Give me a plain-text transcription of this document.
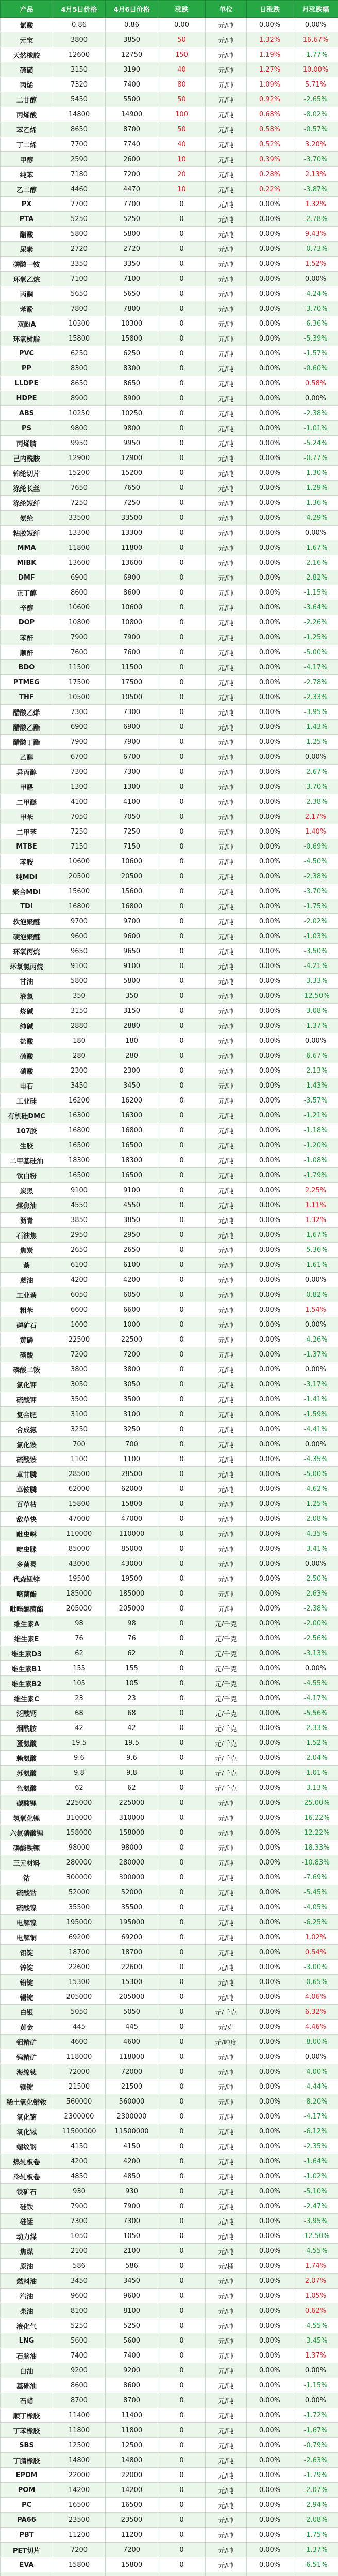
产品	4月5日价格	4月6日价格	涨跌	单位	日涨跌	月涨跌幅
氯酸	0.86	0.86	0.00	元/吨	0.00%	0.00%
元宝	3800	3850	50	元/吨	1.32%	16.67%
天然橡胶	12600	12750	150	元/吨	1.19%	-1.77%
硫磺	3150	3190	40	元/吨	1.27%	10.00%
丙烯	7320	7400	80	元/吨	1.09%	5.71%
二甘醇	5450	5500	50	元/吨	0.92%	-2.65%
丙烯酸	14800	14900	100	元/吨	0.68%	-8.02%
苯乙烯	8650	8700	50	元/吨	0.58%	-0.57%
丁二烯	7700	7740	40	元/吨	0.52%	3.20%
甲醇	2590	2600	10	元/吨	0.39%	-3.70%
纯苯	7180	7200	20	元/吨	0.28%	2.13%
乙二醇	4460	4470	10	元/吨	0.22%	-3.87%
PX	7700	7700	0	元/吨	0.00%	1.32%
PTA	5250	5250	0	元/吨	0.00%	-2.78%
醋酸	5800	5800	0	元/吨	0.00%	9.43%
尿素	2720	2720	0	元/吨	0.00%	-0.73%
磷酸一铵	3350	3350	0	元/吨	0.00%	1.52%
环氧乙烷	7100	7100	0	元/吨	0.00%	0.00%
丙酮	5650	5650	0	元/吨	0.00%	-4.24%
苯酚	7800	7800	0	元/吨	0.00%	-3.70%
双酚A	10300	10300	0	元/吨	0.00%	-6.36%
环氧树脂	15800	15800	0	元/吨	0.00%	-5.39%
PVC	6250	6250	0	元/吨	0.00%	-1.57%
PP	8300	8300	0	元/吨	0.00%	-0.60%
LLDPE	8650	8650	0	元/吨	0.00%	0.58%
HDPE	8900	8900	0	元/吨	0.00%	0.00%
ABS	10250	10250	0	元/吨	0.00%	-2.38%
PS	9800	9800	0	元/吨	0.00%	-1.01%
丙烯腈	9950	9950	0	元/吨	0.00%	-5.24%
己内酰胺	12900	12900	0	元/吨	0.00%	-0.77%
锦纶切片	15200	15200	0	元/吨	0.00%	-1.30%
涤纶长丝	7650	7650	0	元/吨	0.00%	-1.29%
涤纶短纤	7250	7250	0	元/吨	0.00%	-1.36%
氨纶	33500	33500	0	元/吨	0.00%	-4.29%
粘胶短纤	13300	13300	0	元/吨	0.00%	0.00%
MMA	11800	11800	0	元/吨	0.00%	-1.67%
MIBK	13600	13600	0	元/吨	0.00%	-2.16%
DMF	6900	6900	0	元/吨	0.00%	-2.82%
正丁醇	8600	8600	0	元/吨	0.00%	-1.15%
辛醇	10600	10600	0	元/吨	0.00%	-3.64%
DOP	10800	10800	0	元/吨	0.00%	-2.26%
苯酐	7900	7900	0	元/吨	0.00%	-1.25%
顺酐	7600	7600	0	元/吨	0.00%	-5.00%
BDO	11500	11500	0	元/吨	0.00%	-4.17%
PTMEG	17500	17500	0	元/吨	0.00%	-2.78%
THF	10500	10500	0	元/吨	0.00%	-2.33%
醋酸乙烯	7300	7300	0	元/吨	0.00%	-3.95%
醋酸乙酯	6900	6900	0	元/吨	0.00%	-1.43%
醋酸丁酯	7900	7900	0	元/吨	0.00%	-1.25%
乙醇	6700	6700	0	元/吨	0.00%	0.00%
异丙醇	7300	7300	0	元/吨	0.00%	-2.67%
甲醛	1300	1300	0	元/吨	0.00%	-3.70%
二甲醚	4100	4100	0	元/吨	0.00%	-2.38%
甲苯	7050	7050	0	元/吨	0.00%	2.17%
二甲苯	7250	7250	0	元/吨	0.00%	1.40%
MTBE	7150	7150	0	元/吨	0.00%	-0.69%
苯胺	10600	10600	0	元/吨	0.00%	-4.50%
纯MDI	20500	20500	0	元/吨	0.00%	-2.38%
聚合MDI	15600	15600	0	元/吨	0.00%	-3.70%
TDI	16800	16800	0	元/吨	0.00%	-1.75%
软泡聚醚	9700	9700	0	元/吨	0.00%	-2.02%
硬泡聚醚	9600	9600	0	元/吨	0.00%	-1.03%
环氧丙烷	9650	9650	0	元/吨	0.00%	-3.50%
环氧氯丙烷	9100	9100	0	元/吨	0.00%	-4.21%
甘油	5800	5800	0	元/吨	0.00%	-3.33%
液氯	350	350	0	元/吨	0.00%	-12.50%
烧碱	3150	3150	0	元/吨	0.00%	-3.08%
纯碱	2880	2880	0	元/吨	0.00%	-1.37%
盐酸	180	180	0	元/吨	0.00%	0.00%
硫酸	280	280	0	元/吨	0.00%	-6.67%
硝酸	2300	2300	0	元/吨	0.00%	-2.13%
电石	3450	3450	0	元/吨	0.00%	-1.43%
工业硅	16200	16200	0	元/吨	0.00%	-3.57%
有机硅DMC	16300	16300	0	元/吨	0.00%	-1.21%
107胶	16800	16800	0	元/吨	0.00%	-1.18%
生胶	16500	16500	0	元/吨	0.00%	-1.20%
二甲基硅油	18300	18300	0	元/吨	0.00%	-1.08%
钛白粉	16500	16500	0	元/吨	0.00%	-1.79%
炭黑	9100	9100	0	元/吨	0.00%	2.25%
煤焦油	4550	4550	0	元/吨	0.00%	1.11%
沥青	3850	3850	0	元/吨	0.00%	1.32%
石油焦	2950	2950	0	元/吨	0.00%	-1.67%
焦炭	2650	2650	0	元/吨	0.00%	-5.36%
萘	6100	6100	0	元/吨	0.00%	-1.61%
蒽油	4200	4200	0	元/吨	0.00%	0.00%
工业萘	6050	6050	0	元/吨	0.00%	-0.82%
粗苯	6600	6600	0	元/吨	0.00%	1.54%
磷矿石	1000	1000	0	元/吨	0.00%	0.00%
黄磷	22500	22500	0	元/吨	0.00%	-4.26%
磷酸	7200	7200	0	元/吨	0.00%	-1.37%
磷酸二铵	3800	3800	0	元/吨	0.00%	0.00%
氯化钾	3050	3050	0	元/吨	0.00%	-3.17%
硫酸钾	3500	3500	0	元/吨	0.00%	-1.41%
复合肥	3100	3100	0	元/吨	0.00%	-1.59%
合成氨	3250	3250	0	元/吨	0.00%	-4.41%
氯化铵	700	700	0	元/吨	0.00%	0.00%
硫酸铵	1100	1100	0	元/吨	0.00%	-4.35%
草甘膦	28500	28500	0	元/吨	0.00%	-5.00%
草铵膦	62000	62000	0	元/吨	0.00%	-4.62%
百草枯	15800	15800	0	元/吨	0.00%	-1.25%
敌草快	47000	47000	0	元/吨	0.00%	-2.08%
吡虫啉	110000	110000	0	元/吨	0.00%	-4.35%
啶虫脒	85000	85000	0	元/吨	0.00%	-3.41%
多菌灵	43000	43000	0	元/吨	0.00%	0.00%
代森锰锌	19500	19500	0	元/吨	0.00%	-2.50%
嘧菌酯	185000	185000	0	元/吨	0.00%	-2.63%
吡唑醚菌酯	205000	205000	0	元/吨	0.00%	-2.38%
维生素A	98	98	0	元/千克	0.00%	-2.00%
维生素E	76	76	0	元/千克	0.00%	-2.56%
维生素D3	62	62	0	元/千克	0.00%	-3.13%
维生素B1	155	155	0	元/千克	0.00%	0.00%
维生素B2	105	105	0	元/千克	0.00%	-4.55%
维生素C	23	23	0	元/千克	0.00%	-4.17%
泛酸钙	68	68	0	元/千克	0.00%	-5.56%
烟酰胺	42	42	0	元/千克	0.00%	-2.33%
蛋氨酸	19.5	19.5	0	元/千克	0.00%	-1.52%
赖氨酸	9.6	9.6	0	元/千克	0.00%	-2.04%
苏氨酸	9.8	9.8	0	元/千克	0.00%	-1.01%
色氨酸	62	62	0	元/千克	0.00%	-3.13%
碳酸锂	225000	225000	0	元/吨	0.00%	-25.00%
氢氧化锂	310000	310000	0	元/吨	0.00%	-16.22%
六氟磷酸锂	158000	158000	0	元/吨	0.00%	-12.22%
磷酸铁锂	98000	98000	0	元/吨	0.00%	-18.33%
三元材料	280000	280000	0	元/吨	0.00%	-10.83%
钴	300000	300000	0	元/吨	0.00%	-7.69%
硫酸钴	52000	52000	0	元/吨	0.00%	-5.45%
硫酸镍	35500	35500	0	元/吨	0.00%	-4.05%
电解镍	195000	195000	0	元/吨	0.00%	-6.25%
电解铜	69200	69200	0	元/吨	0.00%	1.02%
铝锭	18700	18700	0	元/吨	0.00%	0.54%
锌锭	22600	22600	0	元/吨	0.00%	-3.00%
铅锭	15300	15300	0	元/吨	0.00%	-0.65%
锡锭	205000	205000	0	元/吨	0.00%	4.06%
白银	5050	5050	0	元/千克	0.00%	6.32%
黄金	445	445	0	元/克	0.00%	4.46%
钼精矿	4600	4600	0	元/吨度	0.00%	-8.00%
钨精矿	118000	118000	0	元/吨	0.00%	0.00%
海绵钛	72000	72000	0	元/吨	0.00%	-4.00%
镁锭	21500	21500	0	元/吨	0.00%	-4.44%
稀土氧化镨钕	560000	560000	0	元/吨	0.00%	-8.20%
氧化镝	2300000	2300000	0	元/吨	0.00%	-4.17%
氧化铽	11500000	11500000	0	元/吨	0.00%	-6.12%
螺纹钢	4150	4150	0	元/吨	0.00%	-2.35%
热轧板卷	4200	4200	0	元/吨	0.00%	-1.64%
冷轧板卷	4850	4850	0	元/吨	0.00%	-1.02%
铁矿石	930	930	0	元/吨	0.00%	-5.10%
硅铁	7900	7900	0	元/吨	0.00%	-2.47%
硅锰	7300	7300	0	元/吨	0.00%	-3.95%
动力煤	1050	1050	0	元/吨	0.00%	-12.50%
焦煤	2100	2100	0	元/吨	0.00%	-4.55%
原油	586	586	0	元/桶	0.00%	1.74%
燃料油	3450	3450	0	元/吨	0.00%	2.07%
汽油	9600	9600	0	元/吨	0.00%	1.05%
柴油	8100	8100	0	元/吨	0.00%	0.62%
液化气	5250	5250	0	元/吨	0.00%	-4.55%
LNG	5600	5600	0	元/吨	0.00%	-3.45%
石脑油	7400	7400	0	元/吨	0.00%	1.37%
白油	9200	9200	0	元/吨	0.00%	0.00%
基础油	8600	8600	0	元/吨	0.00%	-1.15%
石蜡	8700	8700	0	元/吨	0.00%	0.00%
顺丁橡胶	11400	11400	0	元/吨	0.00%	-1.72%
丁苯橡胶	11800	11800	0	元/吨	0.00%	-1.67%
SBS	12500	12500	0	元/吨	0.00%	-0.79%
丁腈橡胶	14800	14800	0	元/吨	0.00%	-2.63%
EPDM	22000	22000	0	元/吨	0.00%	-1.79%
POM	14200	14200	0	元/吨	0.00%	-2.07%
PC	16500	16500	0	元/吨	0.00%	-2.94%
PA66	23500	23500	0	元/吨	0.00%	-2.08%
PBT	11200	11200	0	元/吨	0.00%	-1.75%
PET切片	7200	7200	0	元/吨	0.00%	-1.37%
EVA	15800	15800	0	元/吨	0.00%	-6.51%
